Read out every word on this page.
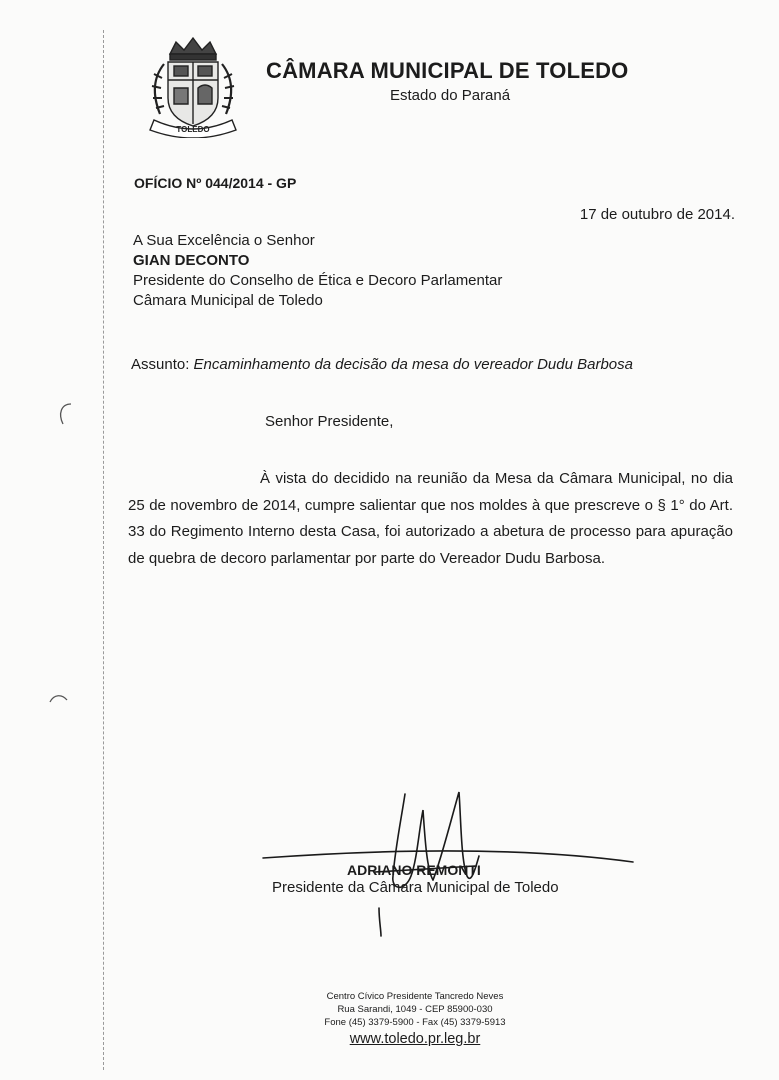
TOLEDO
CÂMARA MUNICIPAL DE TOLEDO
Estado do Paraná
OFÍCIO Nº 044/2014 - GP
17 de outubro de 2014.
A Sua Excelência o Senhor
GIAN DECONTO
Presidente do Conselho de Ética e Decoro Parlamentar
Câmara Municipal de Toledo
Assunto: Encaminhamento da decisão da mesa do vereador Dudu Barbosa
Senhor Presidente,
À vista do decidido na reunião da Mesa da Câmara Municipal, no dia 25 de novembro de 2014, cumpre salientar que nos moldes à que prescreve o § 1° do Art. 33 do Regimento Interno desta Casa, foi autorizado a abetura de processo para apuração de quebra de decoro parlamentar por parte do Vereador Dudu Barbosa.
ADRIANO REMONTI
Presidente da Câmara Municipal de Toledo
Centro Cívico Presidente Tancredo Neves
Rua Sarandi, 1049 - CEP 85900-030
Fone (45) 3379-5900 - Fax (45) 3379-5913
www.toledo.pr.leg.br
